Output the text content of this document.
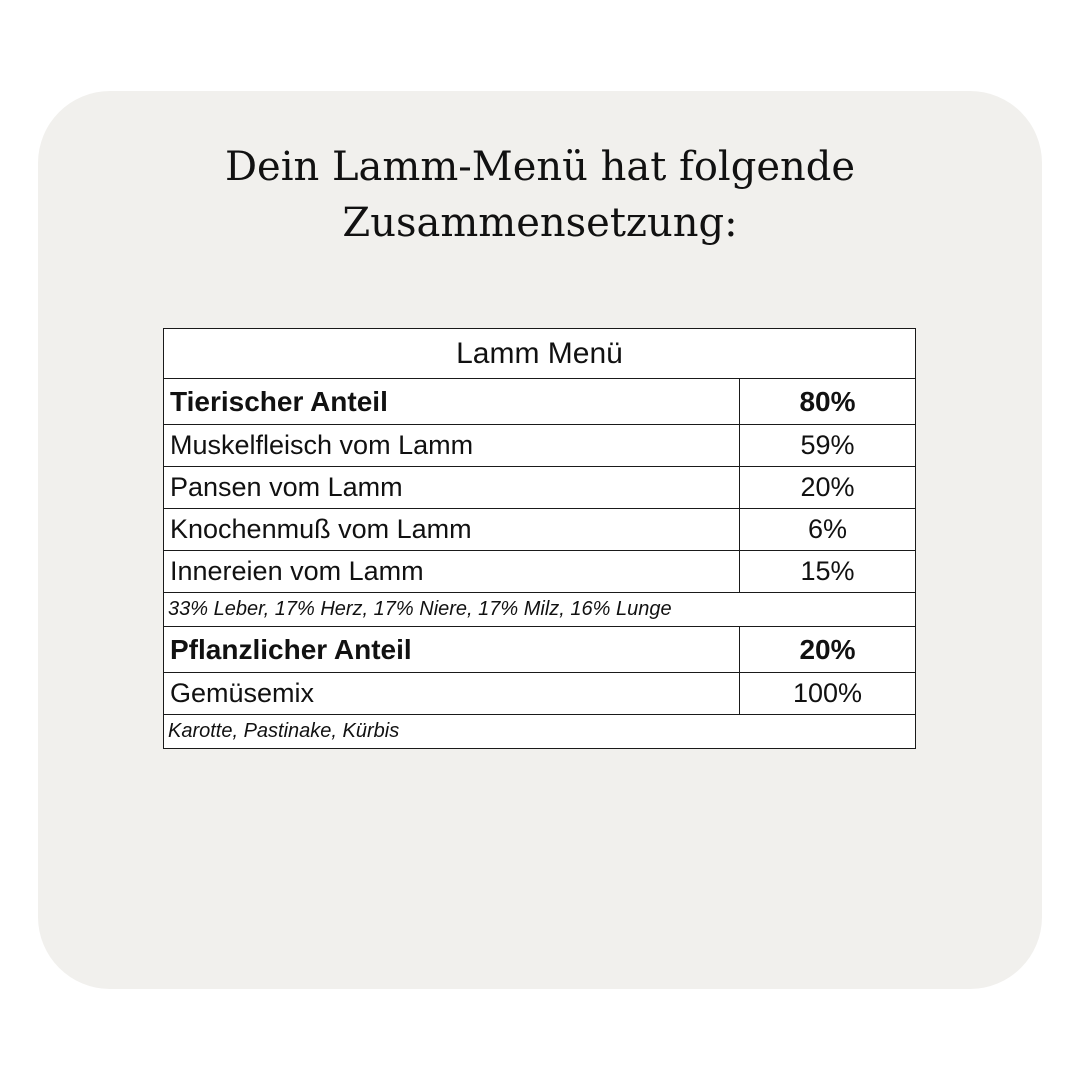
Dein Lamm-Menü hat folgende
Zusammensetzung:
Lamm Menü	
Tierischer Anteil	80%
Muskelfleisch vom Lamm	59%
Pansen vom Lamm	20%
Knochenmuß vom Lamm	6%
Innereien vom Lamm	15%
33% Leber, 17% Herz, 17% Niere, 17% Milz, 16% Lunge	
Pflanzlicher Anteil	20%
Gemüsemix	100%
Karotte, Pastinake, Kürbis	
